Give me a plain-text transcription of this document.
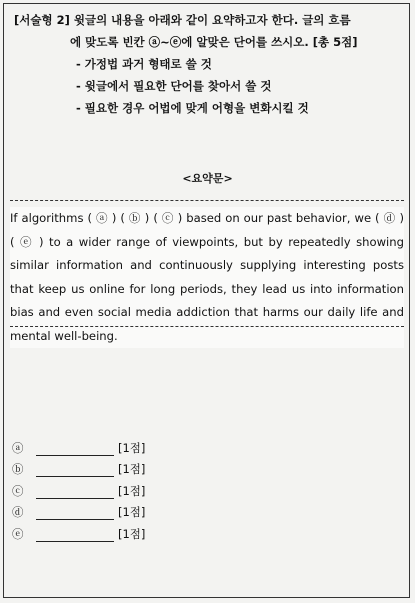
[서술형 2] 윗글의 내용을 아래와 같이 요약하고자 한다. 글의 흐름
에 맞도록 빈칸 ⓐ~ⓔ에 알맞은 단어를 쓰시오. [총 5점]
- 가정법 과거 형태로 쓸 것
- 윗글에서 필요한 단어를 찾아서 쓸 것
- 필요한 경우 어법에 맞게 어형을 변화시킬 것
<요약문>
If algorithms ( ⓐ ) ( ⓑ ) ( ⓒ ) based on our past behavior, we ( ⓓ ) ( ⓔ ) to a wider range of viewpoints, but by repeatedly showing similar information and continuously supplying interesting posts that keep us online for long periods, they lead us into information bias and even social media addiction that harms our daily life and mental well-being.
ⓐ	[1점]
ⓑ	[1점]
ⓒ	[1점]
ⓓ	[1점]
ⓔ	[1점]
